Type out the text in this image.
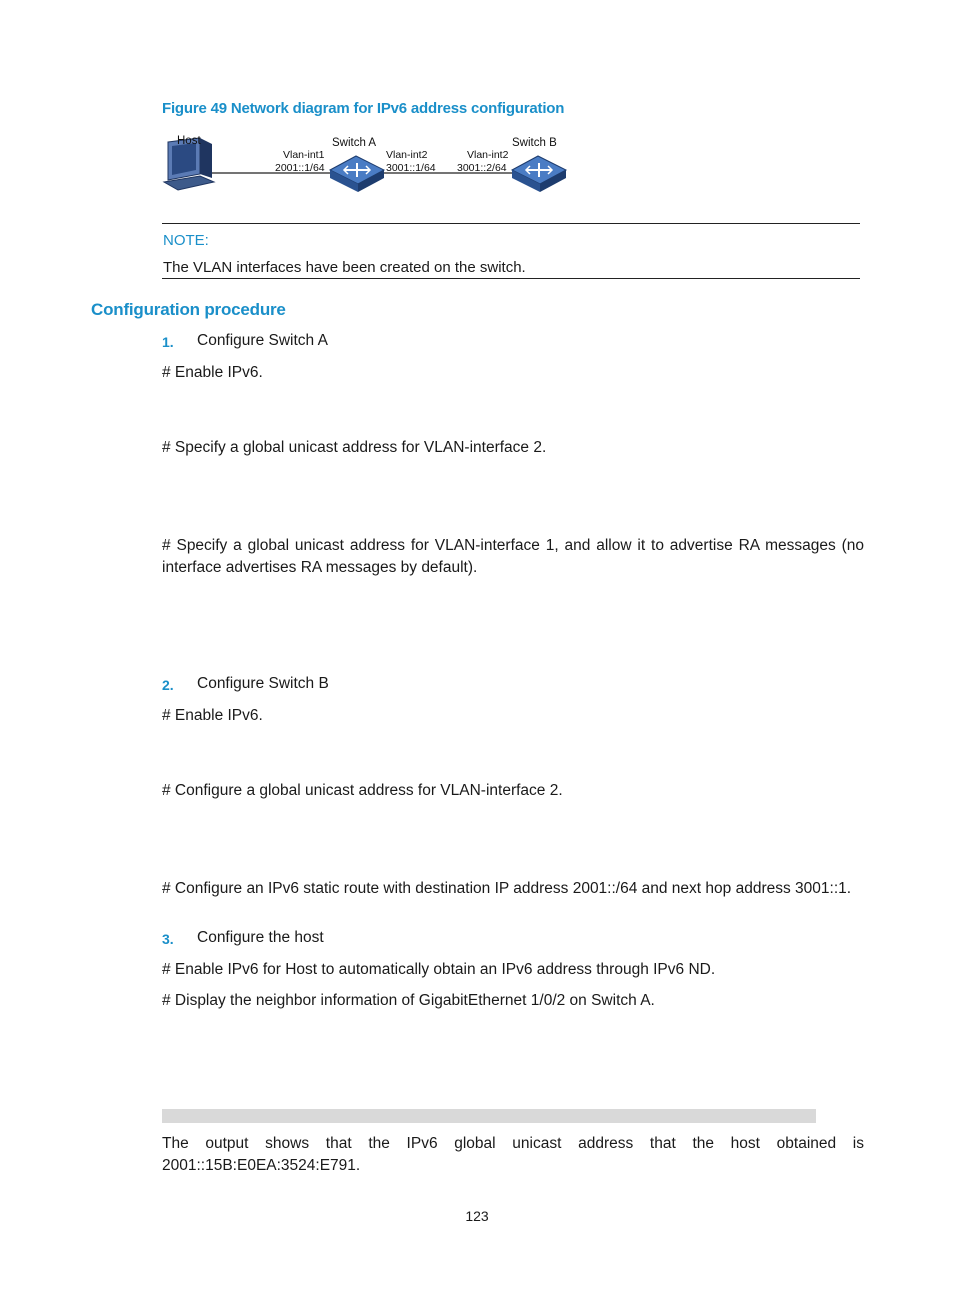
Figure 49 Network diagram for IPv6 address configuration
Host	Switch A	Switch B
Vlan-int1
2001::1/64
Vlan-int2
3001::1/64
Vlan-int2
3001::2/64
NOTE:
The VLAN interfaces have been created on the switch.
Configuration procedure
1. Configure Switch A
# Enable IPv6.
# Specify a global unicast address for VLAN-interface 2.
# Specify a global unicast address for VLAN-interface 1, and allow it to advertise RA messages (no interface advertises RA messages by default).
2. Configure Switch B
# Enable IPv6.
# Configure a global unicast address for VLAN-interface 2.
# Configure an IPv6 static route with destination IP address 2001::/64 and next hop address 3001::1.
3. Configure the host
# Enable IPv6 for Host to automatically obtain an IPv6 address through IPv6 ND.
# Display the neighbor information of GigabitEthernet 1/0/2 on Switch A.
The output shows that the IPv6 global unicast address that the host obtained is
2001::15B:E0EA:3524:E791.
123
